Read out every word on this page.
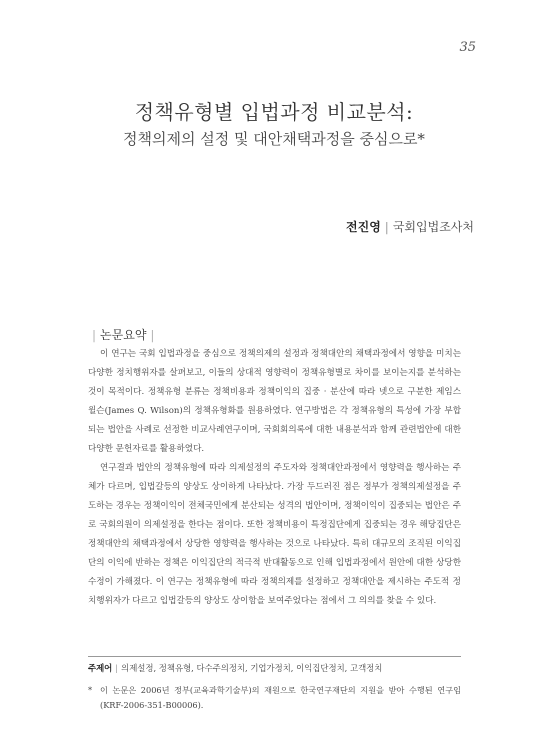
35
정책유형별 입법과정 비교분석:
정책의제의 설정 및 대안채택과정을 중심으로*
전진영 | 국회입법조사처
| 논문요약 |

이 연구는 국회 입법과정을 중심으로 정책의제의 설정과 정책대안의 채택과정에서 영향을 미치는 다양한 정치행위자를 살펴보고, 이들의 상대적 영향력이 정책유형별로 차이를 보이는지를 분석하는 것이 목적이다. 정책유형 분류는 정책비용과 정책이익의 집중 · 분산에 따라 넷으로 구분한 제임스 윌슨(James Q. Wilson)의 정책유형화를 원용하였다. 연구방법은 각 정책유형의 특성에 가장 부합되는 법안을 사례로 선정한 비교사례연구이며, 국회회의록에 대한 내용분석과 함께 관련법안에 대한 다양한 문헌자료를 활용하였다.

연구결과 법안의 정책유형에 따라 의제설정의 주도자와 정책대안과정에서 영향력을 행사하는 주체가 다르며, 입법갈등의 양상도 상이하게 나타났다. 가장 두드러진 점은 정부가 정책의제설정을 주도하는 경우는 정책이익이 전체국민에게 분산되는 성격의 법안이며, 정책이익이 집중되는 법안은 주로 국회의원이 의제설정을 한다는 점이다. 또한 정책비용이 특정집단에게 집중되는 경우 해당집단은 정책대안의 채택과정에서 상당한 영향력을 행사하는 것으로 나타났다. 특히 대규모의 조직된 이익집단의 이익에 반하는 정책은 이익집단의 적극적 반대활동으로 인해 입법과정에서 원안에 대한 상당한 수정이 가해졌다. 이 연구는 정책유형에 따라 정책의제를 설정하고 정책대안을 제시하는 주도적 정치행위자가 다르고 입법갈등의 양상도 상이함을 보여주었다는 점에서 그 의의를 찾을 수 있다.

주제어 | 의제설정, 정책유형, 다수주의정치, 기업가정치, 이익집단정치, 고객정치
* 이 논문은 2006년 정부(교육과학기술부)의 재원으로 한국연구재단의 지원을 받아 수행된 연구임(KRF-2006-351-B00006).
